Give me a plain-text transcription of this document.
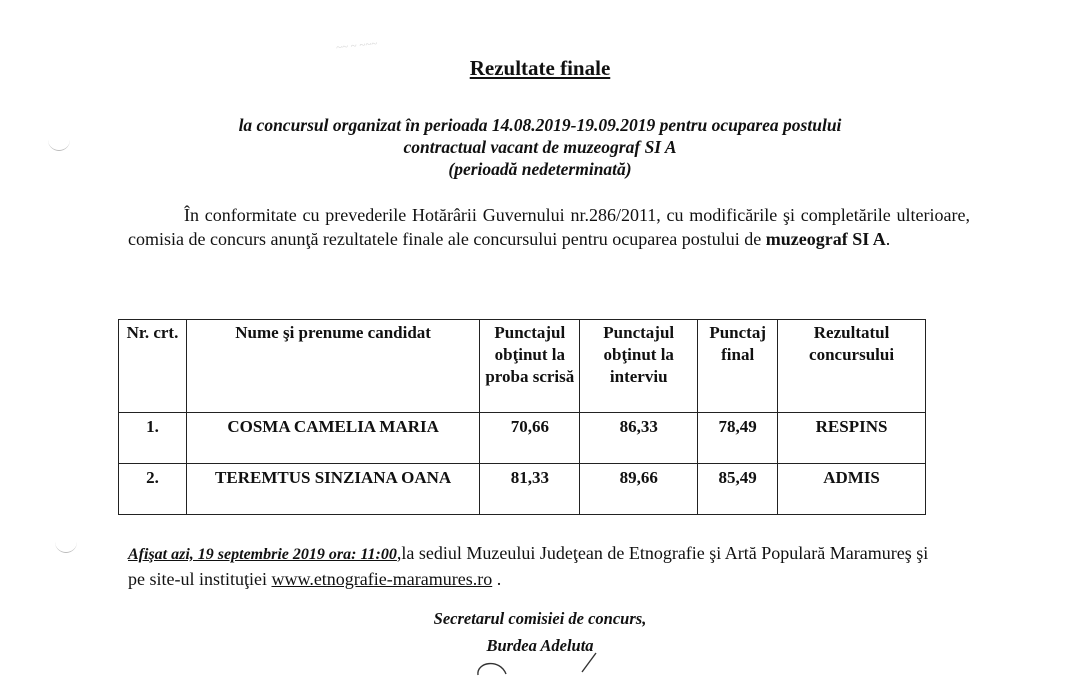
~~ ~ ~~~
Rezultate finale
la concursul organizat în perioada 14.08.2019-19.09.2019 pentru ocuparea postului
contractual vacant de muzeograf SI A
(perioadă nedeterminată)
În conformitate cu prevederile Hotărârii Guvernului nr.286/2011, cu modificările şi completările ulterioare, comisia de concurs anunţă rezultatele finale ale concursului pentru ocuparea postului de muzeograf SI A.
Nr. crt.	Nume şi prenume candidat	Punctajul obţinut la proba scrisă	Punctajul obţinut la interviu	Punctaj final	Rezultatul concursului
1.	COSMA CAMELIA MARIA	70,66	86,33	78,49	RESPINS
2.	TEREMTUS SINZIANA OANA	81,33	89,66	85,49	ADMIS
Afişat azi, 19 septembrie 2019 ora: 11:00,la sediul Muzeului Judeţean de Etnografie şi Artă Populară Maramureş şi pe site-ul instituţiei www.etnografie-maramures.ro .
Secretarul comisiei de concurs,
Burdea Adeluta
